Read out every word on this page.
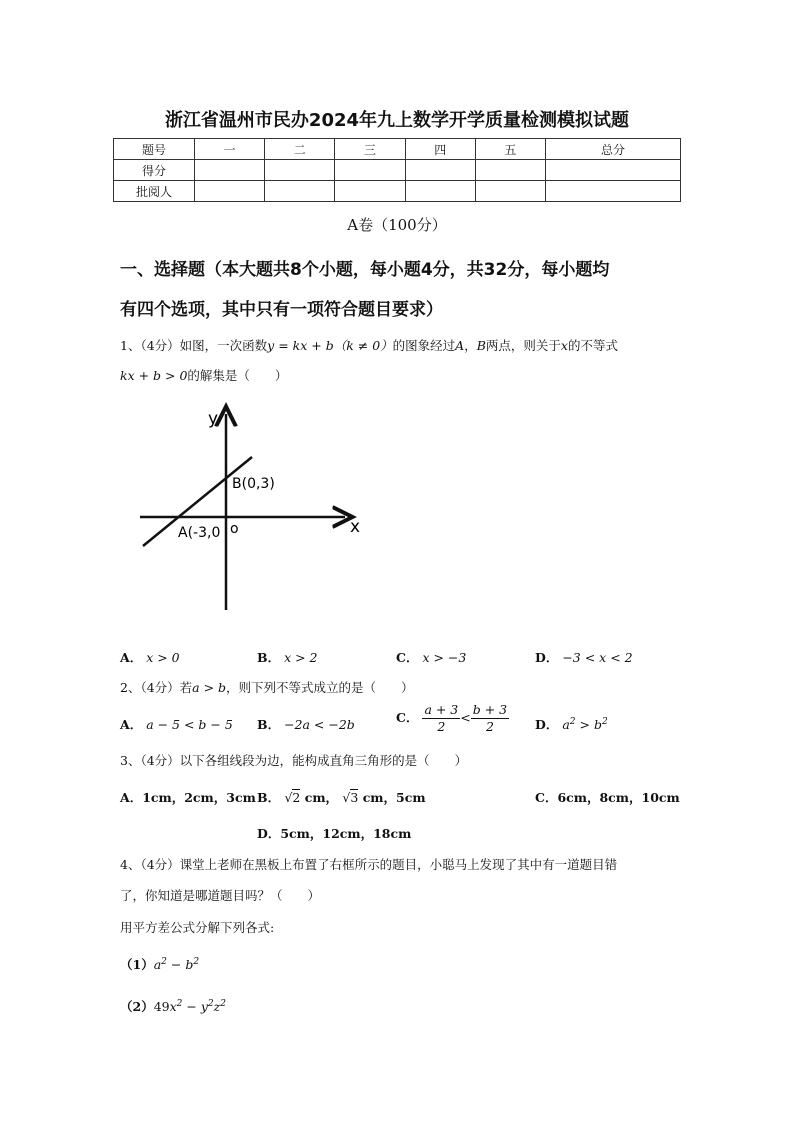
浙江省温州市民办2024年九上数学开学质量检测模拟试题
题号	一	二	三	四	五	总分
得分						
批阅人						
A卷（100分）
一、选择题（本大题共8个小题，每小题4分，共32分，每小题均
有四个选项，其中只有一项符合题目要求）
1、（4分）如图，一次函数y = kx + b（k ≠ 0）的图象经过A，B两点，则关于x的不等式
kx + b > 0的解集是（　　）
y
x
o
B(0,3)
A(-3,0
A． x > 0	B． x > 2	C． x > −3	D． −3 < x < 2
2、（4分）若a > b，则下列不等式成立的是（　　）
A． a − 5 < b − 5 B． −2a < −2b	C． $\frac{a + 3}{2} < \frac{b + 3}{2}$ D． $a^2 > b^2$
3、（4分）以下各组线段为边，能构成直角三角形的是（　　）
A．1cm，2cm，3cm B． √2 cm， √3 cm，5cm	C．6cm，8cm，10cm
D．5cm，12cm，18cm
4、（4分）课堂上老师在黑板上布置了右框所示的题目，小聪马上发现了其中有一道题目错
了，你知道是哪道题目吗？（　　）
用平方差公式分解下列各式:
$(1)a^2 - b^2$
$(2)49x^2 - y^2z^2$
